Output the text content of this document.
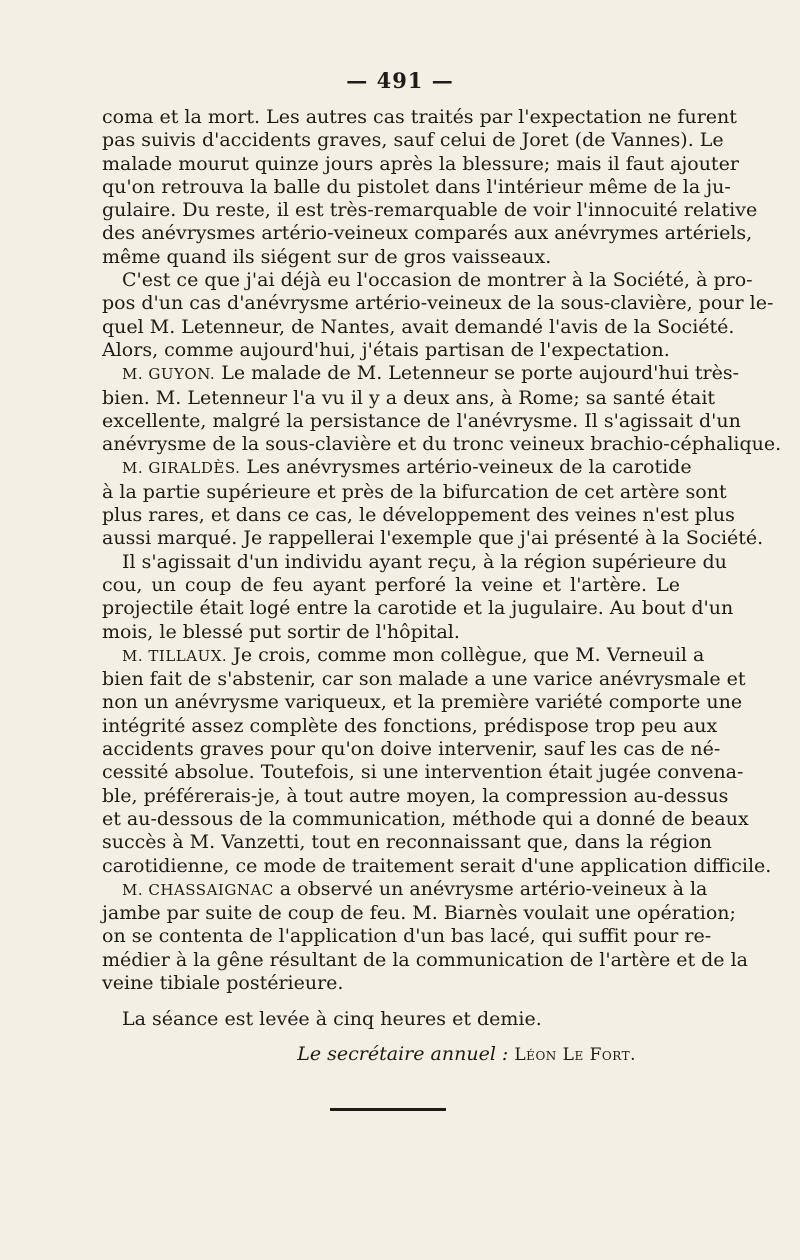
— 491 —
coma et la mort. Les autres cas traités par l'expectation ne furent
pas suivis d'accidents graves, sauf celui de Joret (de Vannes). Le
malade mourut quinze jours après la blessure; mais il faut ajouter
qu'on retrouva la balle du pistolet dans l'intérieur même de la ju-
gulaire. Du reste, il est très-remarquable de voir l'innocuité relative
des anévrysmes artério-veineux comparés aux anévrymes artériels,
même quand ils siégent sur de gros vaisseaux.
C'est ce que j'ai déjà eu l'occasion de montrer à la Société, à pro-
pos d'un cas d'anévrysme artério-veineux de la sous-clavière, pour le-
quel M. Letenneur, de Nantes, avait demandé l'avis de la Société.
Alors, comme aujourd'hui, j'étais partisan de l'expectation.
M. GUYON. Le malade de M. Letenneur se porte aujourd'hui très-
bien. M. Letenneur l'a vu il y a deux ans, à Rome; sa santé était
excellente, malgré la persistance de l'anévrysme. Il s'agissait d'un
anévrysme de la sous-clavière et du tronc veineux brachio-céphalique.
M. GIRALDÈS. Les anévrysmes artério-veineux de la carotide
à la partie supérieure et près de la bifurcation de cet artère sont
plus rares, et dans ce cas, le développement des veines n'est plus
aussi marqué. Je rappellerai l'exemple que j'ai présenté à la Société.
Il s'agissait d'un individu ayant reçu, à la région supérieure du
cou, un coup de feu ayant perforé la veine et l'artère. Le
projectile était logé entre la carotide et la jugulaire. Au bout d'un
mois, le blessé put sortir de l'hôpital.
M. TILLAUX. Je crois, comme mon collègue, que M. Verneuil a
bien fait de s'abstenir, car son malade a une varice anévrysmale et
non un anévrysme variqueux, et la première variété comporte une
intégrité assez complète des fonctions, prédispose trop peu aux
accidents graves pour qu'on doive intervenir, sauf les cas de né-
cessité absolue. Toutefois, si une intervention était jugée convena-
ble, préférerais-je, à tout autre moyen, la compression au-dessus
et au-dessous de la communication, méthode qui a donné de beaux
succès à M. Vanzetti, tout en reconnaissant que, dans la région
carotidienne, ce mode de traitement serait d'une application difficile.
M. CHASSAIGNAC a observé un anévrysme artério-veineux à la
jambe par suite de coup de feu. M. Biarnès voulait une opération;
on se contenta de l'application d'un bas lacé, qui suffit pour re-
médier à la gêne résultant de la communication de l'artère et de la
veine tibiale postérieure.
La séance est levée à cinq heures et demie.
Le secrétaire annuel : Léon Le Fort.
